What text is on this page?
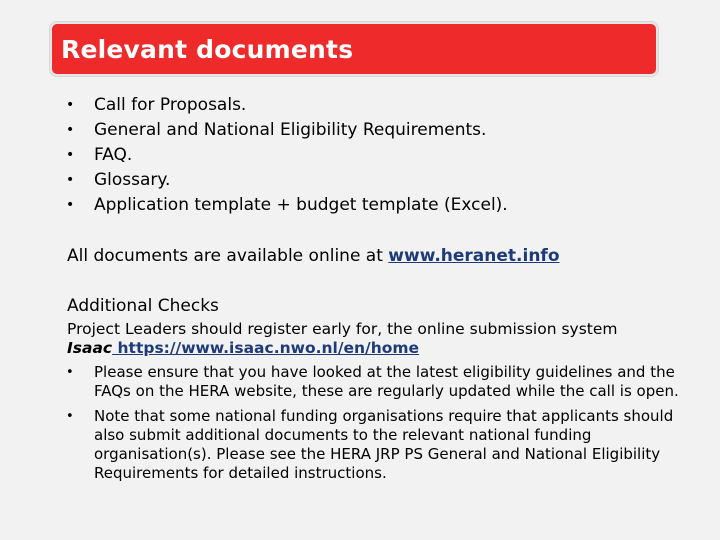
Relevant documents
• Call for Proposals.
• General and National Eligibility Requirements.
• FAQ.
• Glossary.
• Application template + budget template (Excel).
All documents are available online at www.heranet.info
Additional Checks
Project Leaders should register early for, the online submission system Isaac https://www.isaac.nwo.nl/en/home
• Please ensure that you have looked at the latest eligibility guidelines and the FAQs on the HERA website, these are regularly updated while the call is open.
• Note that some national funding organisations require that applicants should also submit additional documents to the relevant national funding organisation(s). Please see the HERA JRP PS General and National Eligibility Requirements for detailed instructions.
